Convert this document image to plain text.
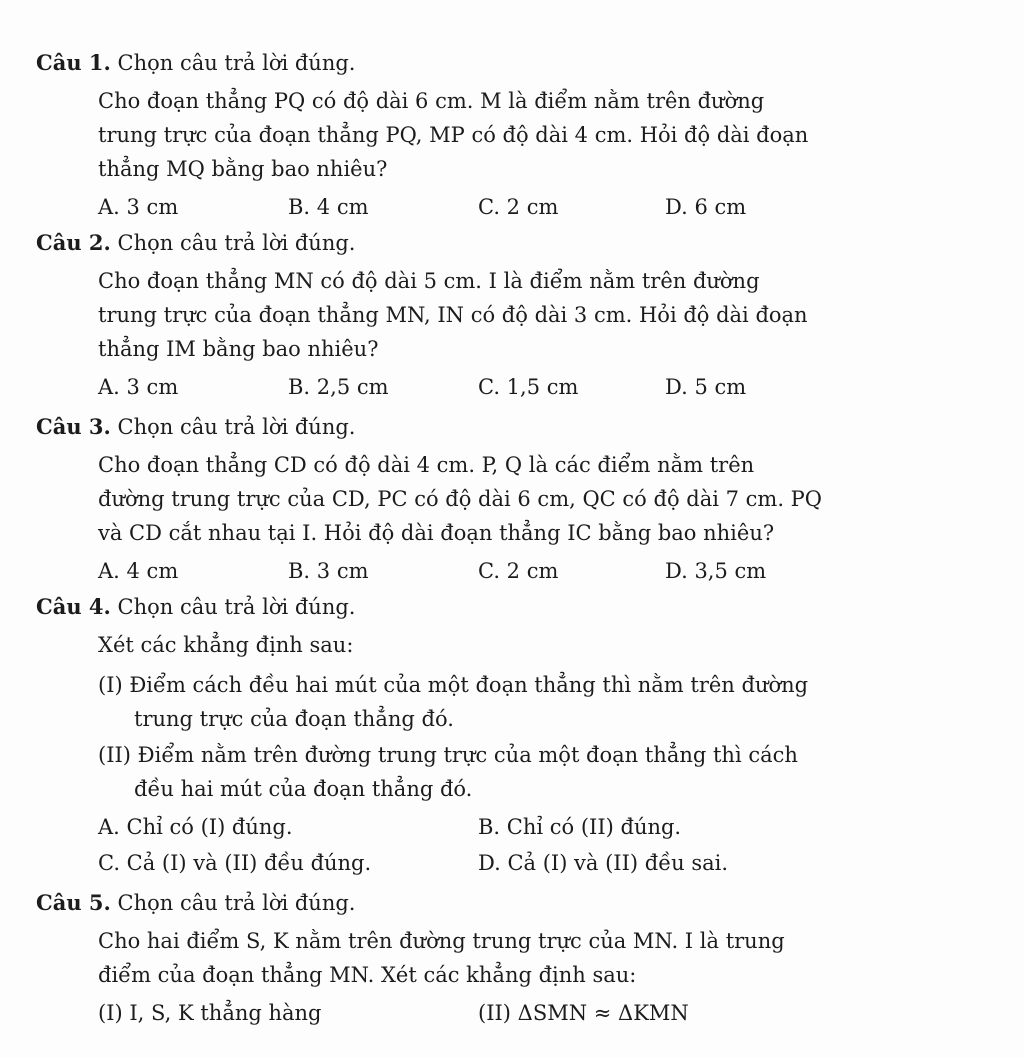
Câu 1. Chọn câu trả lời đúng.
Cho đoạn thẳng PQ có độ dài 6 cm. M là điểm nằm trên đường
trung trực của đoạn thẳng PQ, MP có độ dài 4 cm. Hỏi độ dài đoạn
thẳng MQ bằng bao nhiêu?
A. 3 cm	B. 4 cm	C. 2 cm	D. 6 cm
Câu 2. Chọn câu trả lời đúng.
Cho đoạn thẳng MN có độ dài 5 cm. I là điểm nằm trên đường
trung trực của đoạn thẳng MN, IN có độ dài 3 cm. Hỏi độ dài đoạn
thẳng IM bằng bao nhiêu?
A. 3 cm	B. 2,5 cm	C. 1,5 cm	D. 5 cm
Câu 3. Chọn câu trả lời đúng.
Cho đoạn thẳng CD có độ dài 4 cm. P, Q là các điểm nằm trên
đường trung trực của CD, PC có độ dài 6 cm, QC có độ dài 7 cm. PQ
và CD cắt nhau tại I. Hỏi độ dài đoạn thẳng IC bằng bao nhiêu?
A. 4 cm	B. 3 cm	C. 2 cm	D. 3,5 cm
Câu 4. Chọn câu trả lời đúng.
Xét các khẳng định sau:
(I) Điểm cách đều hai mút của một đoạn thẳng thì nằm trên đường
trung trực của đoạn thẳng đó.
(II) Điểm nằm trên đường trung trực của một đoạn thẳng thì cách
đều hai mút của đoạn thẳng đó.
A. Chỉ có (I) đúng.	B. Chỉ có (II) đúng.
C. Cả (I) và (II) đều đúng.	D. Cả (I) và (II) đều sai.
Câu 5. Chọn câu trả lời đúng.
Cho hai điểm S, K nằm trên đường trung trực của MN. I là trung
điểm của đoạn thẳng MN. Xét các khẳng định sau:
(I) I, S, K thẳng hàng	(II) ΔSMN ≈ ΔKMN
